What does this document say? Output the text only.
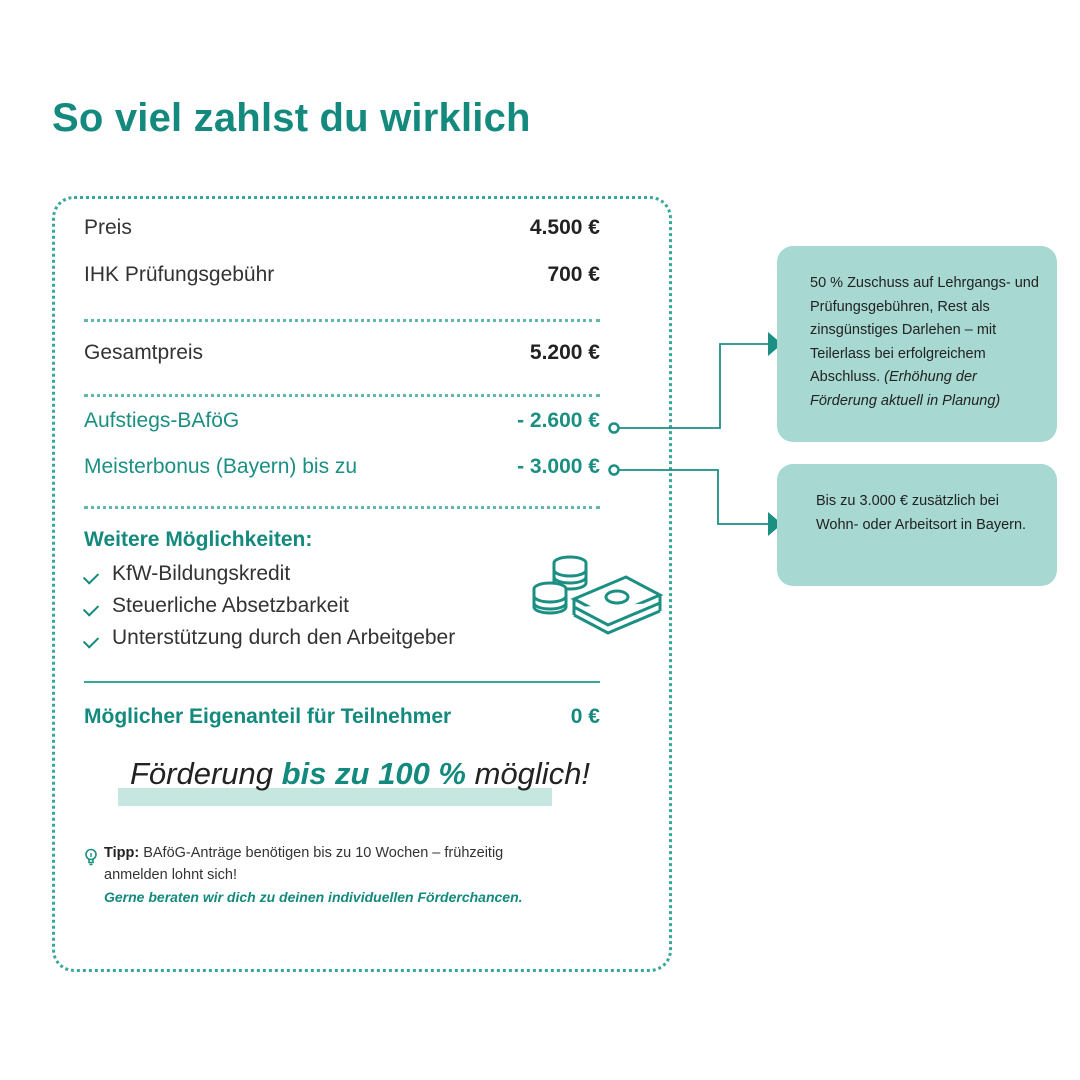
So viel zahlst du wirklich
Preis	4.500 €
IHK Prüfungsgebühr	700 €
Gesamtpreis	5.200 €
Aufstiegs-BAföG	- 2.600 €
Meisterbonus (Bayern) bis zu	- 3.000 €
Weitere Möglichkeiten:
KfW-Bildungskredit
Steuerliche Absetzbarkeit
Unterstützung durch den Arbeitgeber
Möglicher Eigenanteil für Teilnehmer	0 €
Förderung bis zu 100 % möglich!
Tipp: BAföG-Anträge benötigen bis zu 10 Wochen – frühzeitig anmelden lohnt sich!
Gerne beraten wir dich zu deinen individuellen Förderchancen.
50 % Zuschuss auf Lehrgangs- und Prüfungsgebühren, Rest als zinsgünstiges Darlehen – mit Teilerlass bei erfolgreichem Abschluss. (Erhöhung der Förderung aktuell in Planung)
Bis zu 3.000 € zusätzlich bei Wohn- oder Arbeitsort in Bayern.
